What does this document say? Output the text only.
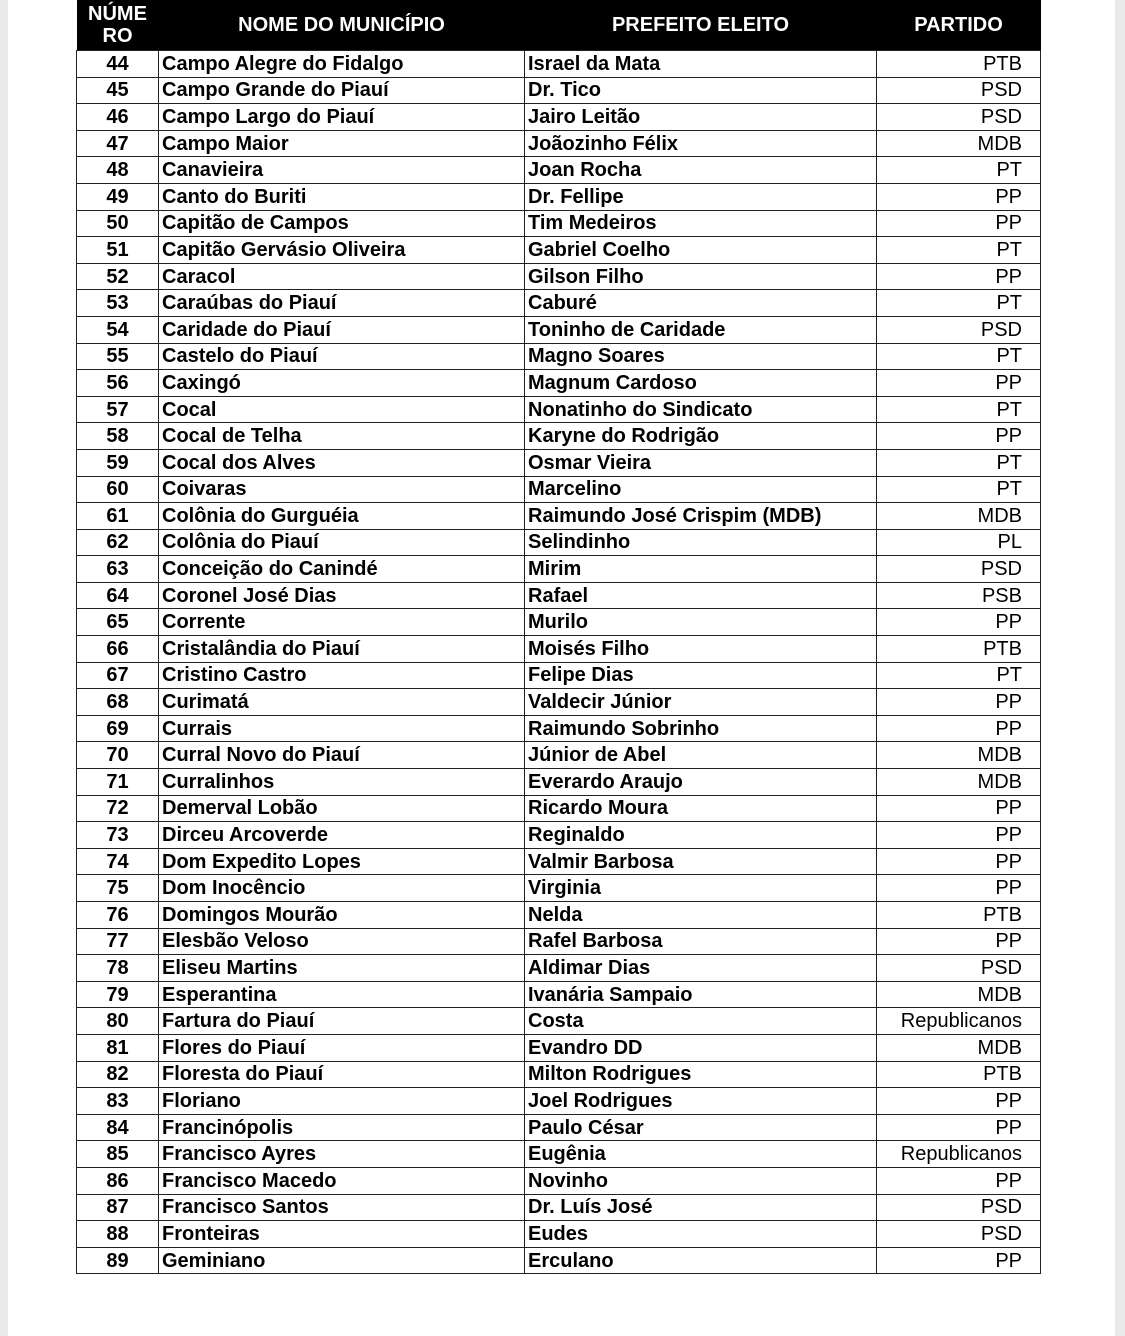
NÚMERO	NOME DO MUNICÍPIO	PREFEITO ELEITO	PARTIDO
44	Campo Alegre do Fidalgo	Israel da Mata	PTB
45	Campo Grande do Piauí	Dr. Tico	PSD
46	Campo Largo do Piauí	Jairo Leitão	PSD
47	Campo Maior	Joãozinho Félix	MDB
48	Canavieira	Joan Rocha	PT
49	Canto do Buriti	Dr. Fellipe	PP
50	Capitão de Campos	Tim Medeiros	PP
51	Capitão Gervásio Oliveira	Gabriel Coelho	PT
52	Caracol	Gilson Filho	PP
53	Caraúbas do Piauí	Caburé	PT
54	Caridade do Piauí	Toninho de Caridade	PSD
55	Castelo do Piauí	Magno Soares	PT
56	Caxingó	Magnum Cardoso	PP
57	Cocal	Nonatinho do Sindicato	PT
58	Cocal de Telha	Karyne do Rodrigão	PP
59	Cocal dos Alves	Osmar Vieira	PT
60	Coivaras	Marcelino	PT
61	Colônia do Gurguéia	Raimundo José Crispim (MDB)	MDB
62	Colônia do Piauí	Selindinho	PL
63	Conceição do Canindé	Mirim	PSD
64	Coronel José Dias	Rafael	PSB
65	Corrente	Murilo	PP
66	Cristalândia do Piauí	Moisés Filho	PTB
67	Cristino Castro	Felipe Dias	PT
68	Curimatá	Valdecir Júnior	PP
69	Currais	Raimundo Sobrinho	PP
70	Curral Novo do Piauí	Júnior de Abel	MDB
71	Curralinhos	Everardo Araujo	MDB
72	Demerval Lobão	Ricardo Moura	PP
73	Dirceu Arcoverde	Reginaldo	PP
74	Dom Expedito Lopes	Valmir Barbosa	PP
75	Dom Inocêncio	Virginia	PP
76	Domingos Mourão	Nelda	PTB
77	Elesbão Veloso	Rafel Barbosa	PP
78	Eliseu Martins	Aldimar Dias	PSD
79	Esperantina	Ivanária Sampaio	MDB
80	Fartura do Piauí	Costa	Republicanos
81	Flores do Piauí	Evandro DD	MDB
82	Floresta do Piauí	Milton Rodrigues	PTB
83	Floriano	Joel Rodrigues	PP
84	Francinópolis	Paulo César	PP
85	Francisco Ayres	Eugênia	Republicanos
86	Francisco Macedo	Novinho	PP
87	Francisco Santos	Dr. Luís José	PSD
88	Fronteiras	Eudes	PSD
89	Geminiano	Erculano	PP
